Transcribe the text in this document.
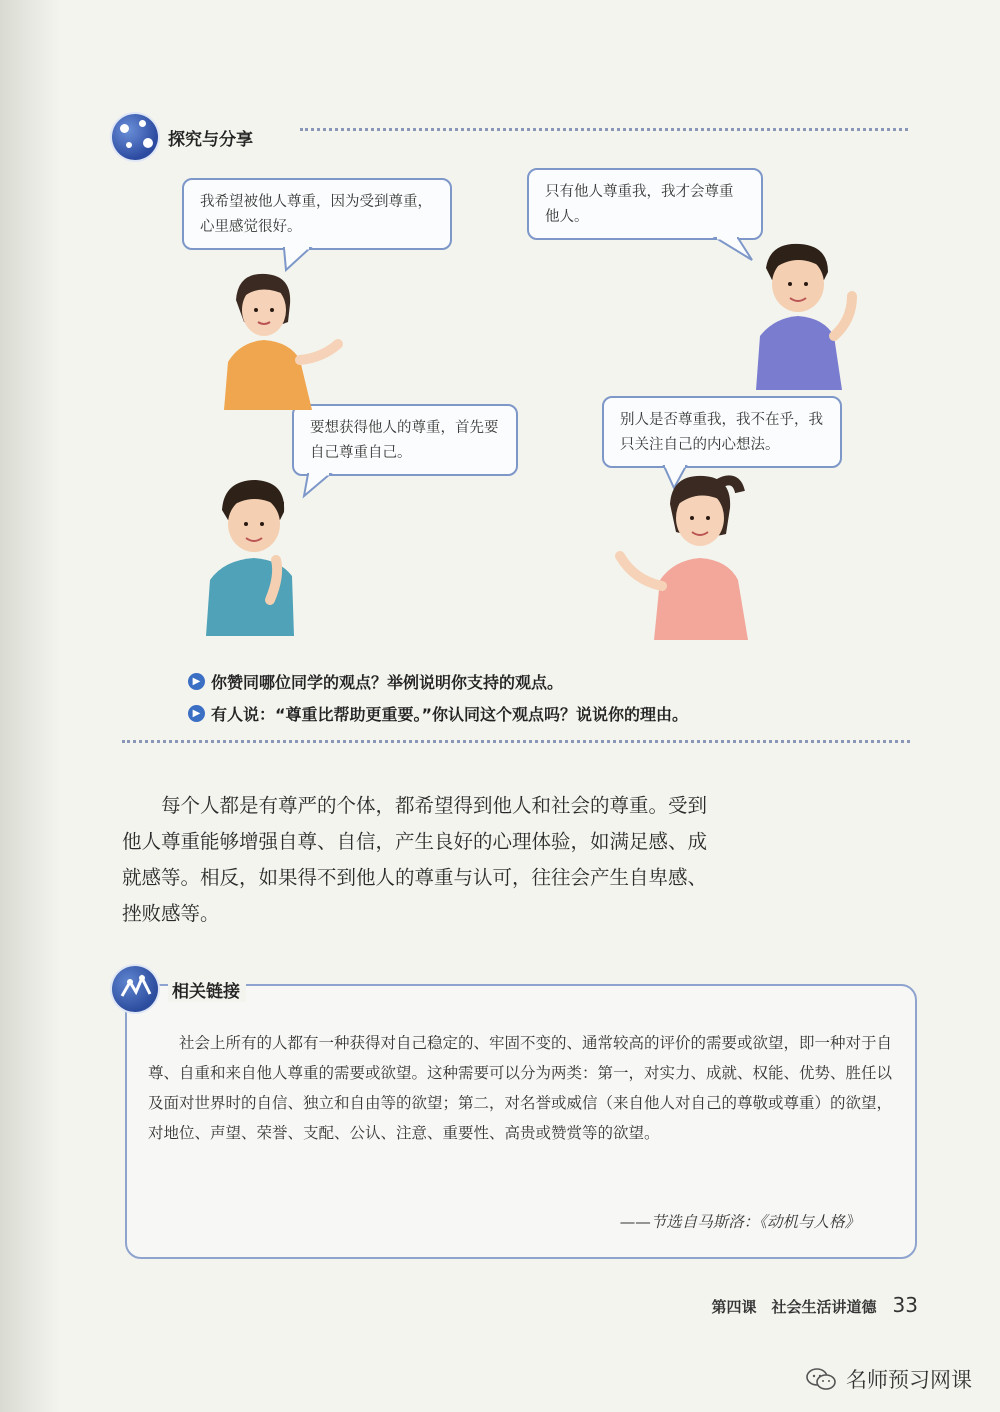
探究与分享
我希望被他人尊重，因为受到尊重，心里感觉很好。
只有他人尊重我，我才会尊重他人。
要想获得他人的尊重，首先要自己尊重自己。
别人是否尊重我，我不在乎，我只关注自己的内心想法。
▶ 你赞同哪位同学的观点？举例说明你支持的观点。
▶ 有人说：“尊重比帮助更重要。”你认同这个观点吗？说说你的理由。

每个人都是有尊严的个体，都希望得到他人和社会的尊重。受到他人尊重能够增强自尊、自信，产生良好的心理体验，如满足感、成就感等。相反，如果得不到他人的尊重与认可，往往会产生自卑感、挫败感等。

相关链接

社会上所有的人都有一种获得对自己稳定的、牢固不变的、通常较高的评价的需要或欲望，即一种对于自尊、自重和来自他人尊重的需要或欲望。这种需要可以分为两类：第一，对实力、成就、权能、优势、胜任以及面对世界时的自信、独立和自由等的欲望；第二，对名誉或威信（来自他人对自己的尊敬或尊重）的欲望，对地位、声望、荣誉、支配、公认、注意、重要性、高贵或赞赏等的欲望。

——节选自马斯洛：《动机与人格》
第四课　社会生活讲道德 33
名师预习网课
